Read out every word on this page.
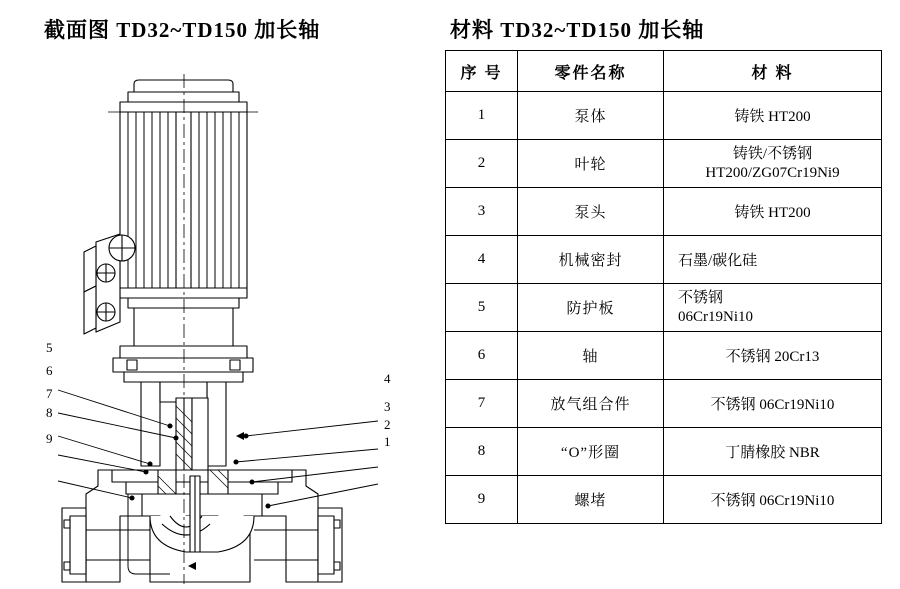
截面图 TD32~TD150 加长轴
5
6
7
8
9
4
3
2
1
材料 TD32~TD150 加长轴
序 号	零件名称	材 料
1	泵体	铸铁 HT200
2	叶轮	铸铁/不锈钢
HT200/ZG07Cr19Ni9

3	泵头	铸铁 HT200
4	机械密封	石墨/碳化硅
5	防护板	不锈钢
06Cr19Ni10

6	轴	不锈钢 20Cr13
7	放气组合件	不锈钢 06Cr19Ni10
8	“O”形圈	丁腈橡胶 NBR
9	螺堵	不锈钢 06Cr19Ni10
